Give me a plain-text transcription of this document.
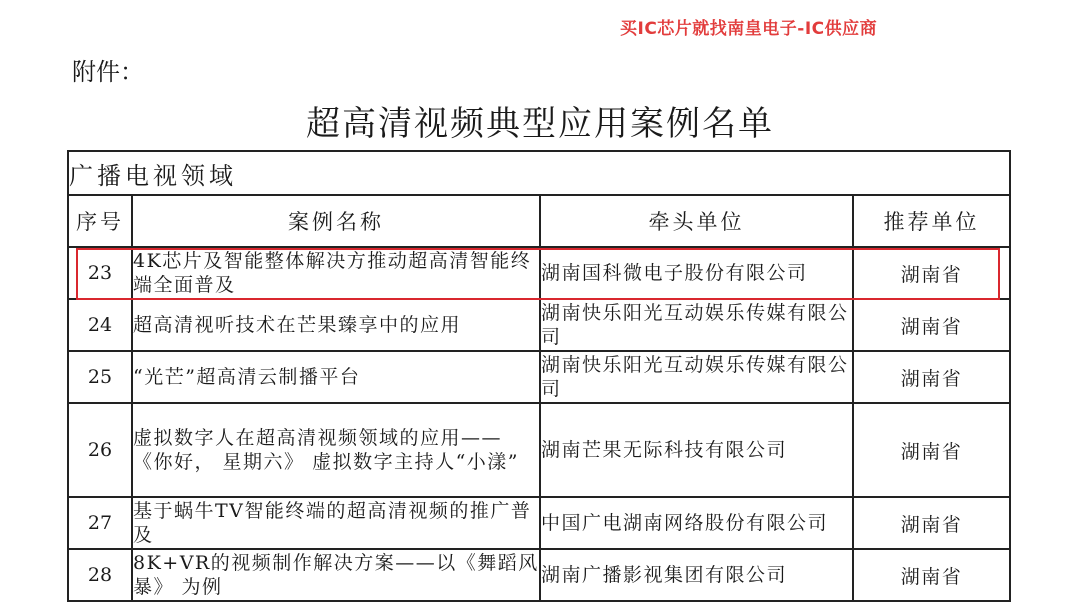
买IC芯片就找南皇电子-IC供应商
附件：
超高清视频典型应用案例名单
广播电视领域			
序号	案例名称	牵头单位	推荐单位
23	4K芯片及智能整体解决方推动超高清智能终端全面普及	湖南国科微电子股份有限公司	湖南省
24	超高清视听技术在芒果臻享中的应用	湖南快乐阳光互动娱乐传媒有限公司	湖南省
25	“光芒”超高清云制播平台	湖南快乐阳光互动娱乐传媒有限公司	湖南省
26	虚拟数字人在超高清视频领域的应用——《你好， 星期六》 虚拟数字主持人“小漾”	湖南芒果无际科技有限公司	湖南省
27	基于蜗牛TV智能终端的超高清视频的推广普及	中国广电湖南网络股份有限公司	湖南省
28	8K+VR的视频制作解决方案——以《舞蹈风暴》 为例	湖南广播影视集团有限公司	湖南省
